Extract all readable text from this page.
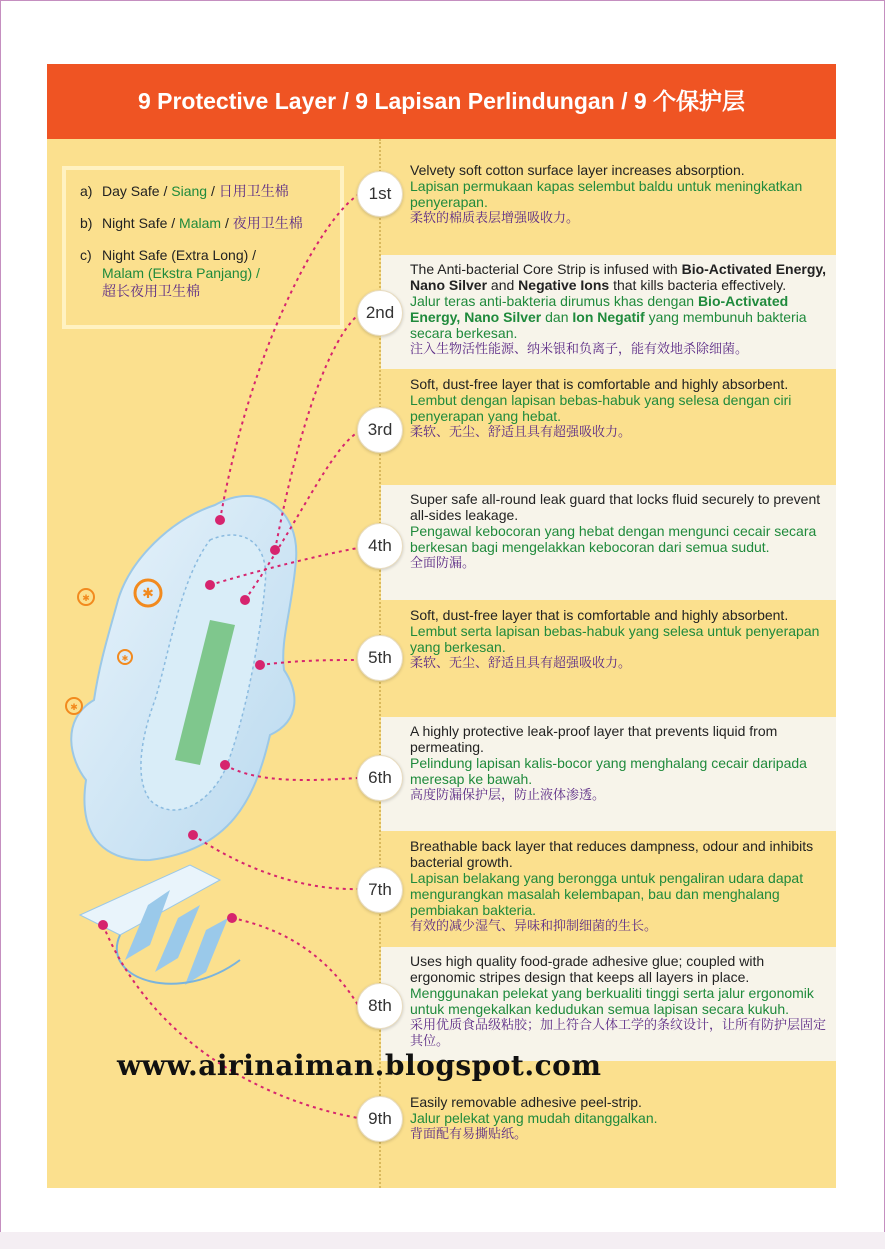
9 Protective Layer / 9 Lapisan Perlindungan / 9 个保护层
a) Day Safe / Siang / 日用卫生棉
b) Night Safe / Malam / 夜用卫生棉
c) Night Safe (Extra Long) /
Malam (Ekstra Panjang) /
超长夜用卫生棉
Velvety soft cotton surface layer increases absorption.
Lapisan permukaan kapas selembut baldu untuk meningkatkan penyerapan.
柔软的棉质表层增强吸收力。
The Anti-bacterial Core Strip is infused with Bio-Activated Energy, Nano Silver and Negative Ions that kills bacteria effectively.
Jalur teras anti-bakteria dirumus khas dengan Bio-Activated Energy, Nano Silver dan Ion Negatif yang membunuh bakteria secara berkesan.
注入生物活性能源、纳米银和负离子，能有效地杀除细菌。
Soft, dust-free layer that is comfortable and highly absorbent.
Lembut dengan lapisan bebas-habuk yang selesa dengan ciri penyerapan yang hebat.
柔软、无尘、舒适且具有超强吸收力。
Super safe all-round leak guard that locks fluid securely to prevent all-sides leakage.
Pengawal kebocoran yang hebat dengan mengunci cecair secara berkesan bagi mengelakkan kebocoran dari semua sudut.
全面防漏。
Soft, dust-free layer that is comfortable and highly absorbent.
Lembut serta lapisan bebas-habuk yang selesa untuk penyerapan yang berkesan.
柔软、无尘、舒适且具有超强吸收力。
A highly protective leak-proof layer that prevents liquid from permeating.
Pelindung lapisan kalis-bocor yang menghalang cecair daripada meresap ke bawah.
高度防漏保护层，防止液体渗透。
Breathable back layer that reduces dampness, odour and inhibits bacterial growth.
Lapisan belakang yang berongga untuk pengaliran udara dapat mengurangkan masalah kelembapan, bau dan menghalang pembiakan bakteria.
有效的减少湿气、异味和抑制细菌的生长。
Uses high quality food-grade adhesive glue; coupled with ergonomic stripes design that keeps all layers in place.
Menggunakan pelekat yang berkualiti tinggi serta jalur ergonomik untuk mengekalkan kedudukan semua lapisan secara kukuh.
采用优质食品级粘胶；加上符合人体工学的条纹设计，让所有防护层固定其位。
Easily removable adhesive peel-strip.
Jalur pelekat yang mudah ditanggalkan.
背面配有易撕贴纸。
✱
✱
✱
✱
1st
2nd
3rd
4th
5th
6th
7th
8th
9th
www.airinaiman.blogspot.com
